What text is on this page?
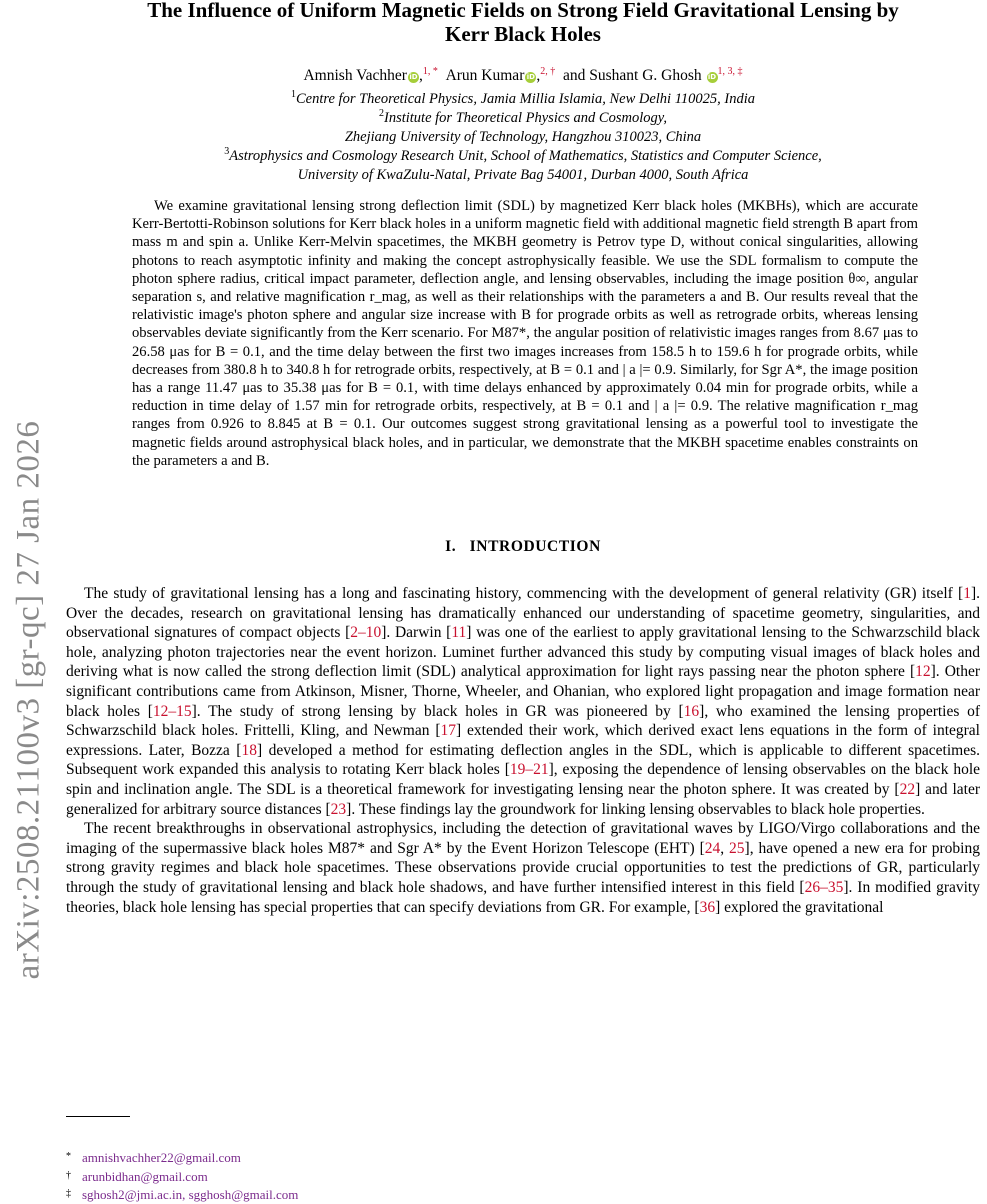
arXiv:2508.21100v3 [gr-qc] 27 Jan 2026
The Influence of Uniform Magnetic Fields on Strong Field Gravitational Lensing by
Kerr Black Holes
Amnish Vachher iD,$^{1, *}$ Arun Kumar iD,$^{2, \dagger}$ and Sushant G. Ghosh $iD^{1, 3, \ddagger}$
$^1$Centre for Theoretical Physics, Jamia Millia Islamia, New Delhi 110025, India
$^2$Institute for Theoretical Physics and Cosmology,
Zhejiang University of Technology, Hangzhou 310023, China
$^3$Astrophysics and Cosmology Research Unit, School of Mathematics, Statistics and Computer Science,
University of KwaZulu-Natal, Private Bag 54001, Durban 4000, South Africa

We examine gravitational lensing strong deflection limit (SDL) by magnetized Kerr black holes (MKBHs), which are accurate Kerr-Bertotti-Robinson solutions for Kerr black holes in a uniform magnetic field with additional magnetic field strength B apart from mass m and spin a. Unlike Kerr-Melvin spacetimes, the MKBH geometry is Petrov type D, without conical singularities, allowing photons to reach asymptotic infinity and making the concept astrophysically feasible. We use the SDL formalism to compute the photon sphere radius, critical impact parameter, deflection angle, and lensing observables, including the image position θ∞, angular separation s, and relative magnification r_mag, as well as their relationships with the parameters a and B. Our results reveal that the relativistic image's photon sphere and angular size increase with B for prograde orbits as well as retrograde orbits, whereas lensing observables deviate significantly from the Kerr scenario. For M87*, the angular position of relativistic images ranges from 8.67 μas to 26.58 μas for B = 0.1, and the time delay between the first two images increases from 158.5 h to 159.6 h for prograde orbits, while decreases from 380.8 h to 340.8 h for retrograde orbits, respectively, at B = 0.1 and | a |= 0.9. Similarly, for Sgr A*, the image position has a range 11.47 μas to 35.38 μas for B = 0.1, with time delays enhanced by approximately 0.04 min for prograde orbits, while a reduction in time delay of 1.57 min for retrograde orbits, respectively, at B = 0.1 and | a |= 0.9. The relative magnification r_mag ranges from 0.926 to 8.845 at B = 0.1. Our outcomes suggest strong gravitational lensing as a powerful tool to investigate the magnetic fields around astrophysical black holes, and in particular, we demonstrate that the MKBH spacetime enables constraints on the parameters a and B.

I. INTRODUCTION

The study of gravitational lensing has a long and fascinating history, commencing with the development of general relativity (GR) itself [1]. Over the decades, research on gravitational lensing has dramatically enhanced our understanding of spacetime geometry, singularities, and observational signatures of compact objects [2–10]. Darwin [11] was one of the earliest to apply gravitational lensing to the Schwarzschild black hole, analyzing photon trajectories near the event horizon. Luminet further advanced this study by computing visual images of black holes and deriving what is now called the strong deflection limit (SDL) analytical approximation for light rays passing near the photon sphere [12]. Other significant contributions came from Atkinson, Misner, Thorne, Wheeler, and Ohanian, who explored light propagation and image formation near black holes [12–15]. The study of strong lensing by black holes in GR was pioneered by [16], who examined the lensing properties of Schwarzschild black holes. Frittelli, Kling, and Newman [17] extended their work, which derived exact lens equations in the form of integral expressions. Later, Bozza [18] developed a method for estimating deflection angles in the SDL, which is applicable to different spacetimes. Subsequent work expanded this analysis to rotating Kerr black holes [19–21], exposing the dependence of lensing observables on the black hole spin and inclination angle. The SDL is a theoretical framework for investigating lensing near the photon sphere. It was created by [22] and later generalized for arbitrary source distances [23]. These findings lay the groundwork for linking lensing observables to black hole properties.

The recent breakthroughs in observational astrophysics, including the detection of gravitational waves by LIGO/Virgo collaborations and the imaging of the supermassive black holes M87* and Sgr A* by the Event Horizon Telescope (EHT) [24, 25], have opened a new era for probing strong gravity regimes and black hole spacetimes. These observations provide crucial opportunities to test the predictions of GR, particularly through the study of gravitational lensing and black hole shadows, and have further intensified interest in this field [26–35]. In modified gravity theories, black hole lensing has special properties that can specify deviations from GR. For example, [36] explored the gravitational

* amnishvachher22@gmail.com
† arunbidhan@gmail.com
‡ sghosh2@jmi.ac.in, sgghosh@gmail.com
